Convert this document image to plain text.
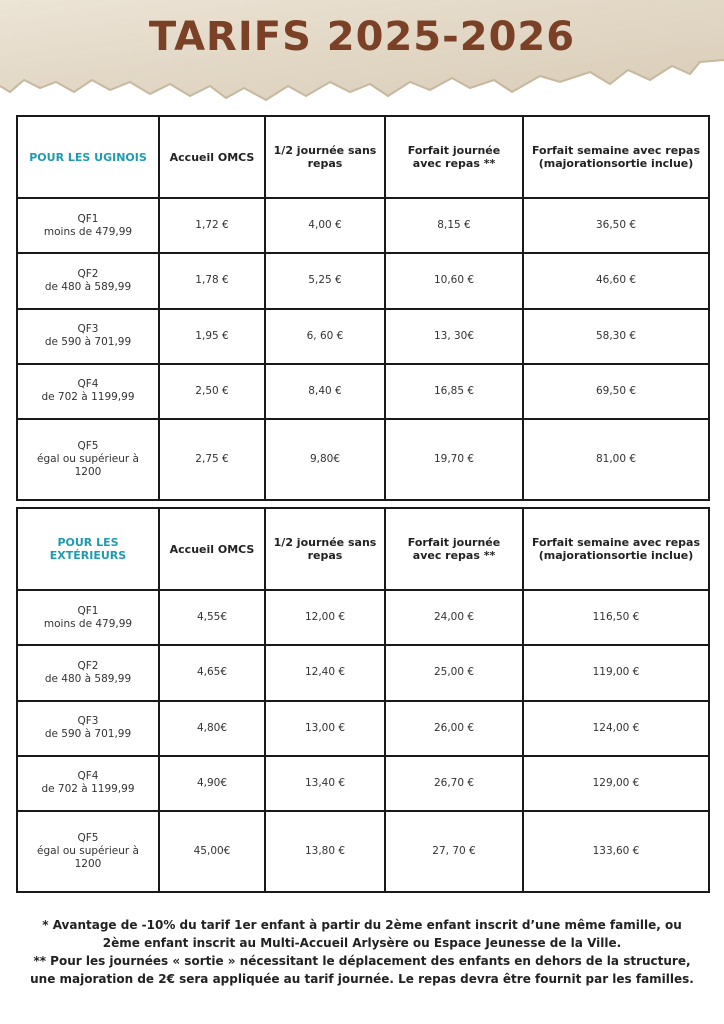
TARIFS 2025-2026
POUR LES UGINOIS	Accueil OMCS	1/2 journée sans repas	Forfait journée avec repas **	Forfait semaine avec repas (majorationsortie inclue)
QF1
moins de 479,99	1,72 €	4,00 €	8,15 €	36,50 €
QF2
de 480 à 589,99	1,78 €	5,25 €	10,60 €	46,60 €
QF3
de 590 à 701,99	1,95 €	6, 60 €	13, 30€	58,30 €
QF4
de 702 à 1199,99	2,50 €	8,40 €	16,85 €	69,50 €
QF5
égal ou supérieur à 1200	2,75 €	9,80€	19,70 €	81,00 €
POUR LES EXTÉRIEURS	Accueil OMCS	1/2 journée sans repas	Forfait journée avec repas **	Forfait semaine avec repas (majorationsortie inclue)
QF1
moins de 479,99	4,55€	12,00 €	24,00 €	116,50 €
QF2
de 480 à 589,99	4,65€	12,40 €	25,00 €	119,00 €
QF3
de 590 à 701,99	4,80€	13,00 €	26,00 €	124,00 €
QF4
de 702 à 1199,99	4,90€	13,40 €	26,70 €	129,00 €
QF5
égal ou supérieur à 1200	45,00€	13,80 €	27, 70 €	133,60 €
* Avantage de -10% du tarif 1er enfant à partir du 2ème enfant inscrit d’une même famille, ou
2ème enfant inscrit au Multi-Accueil Arlysère ou Espace Jeunesse de la Ville.
** Pour les journées « sortie » nécessitant le déplacement des enfants en dehors de la structure,
une majoration de 2€ sera appliquée au tarif journée. Le repas devra être fournit par les familles.
